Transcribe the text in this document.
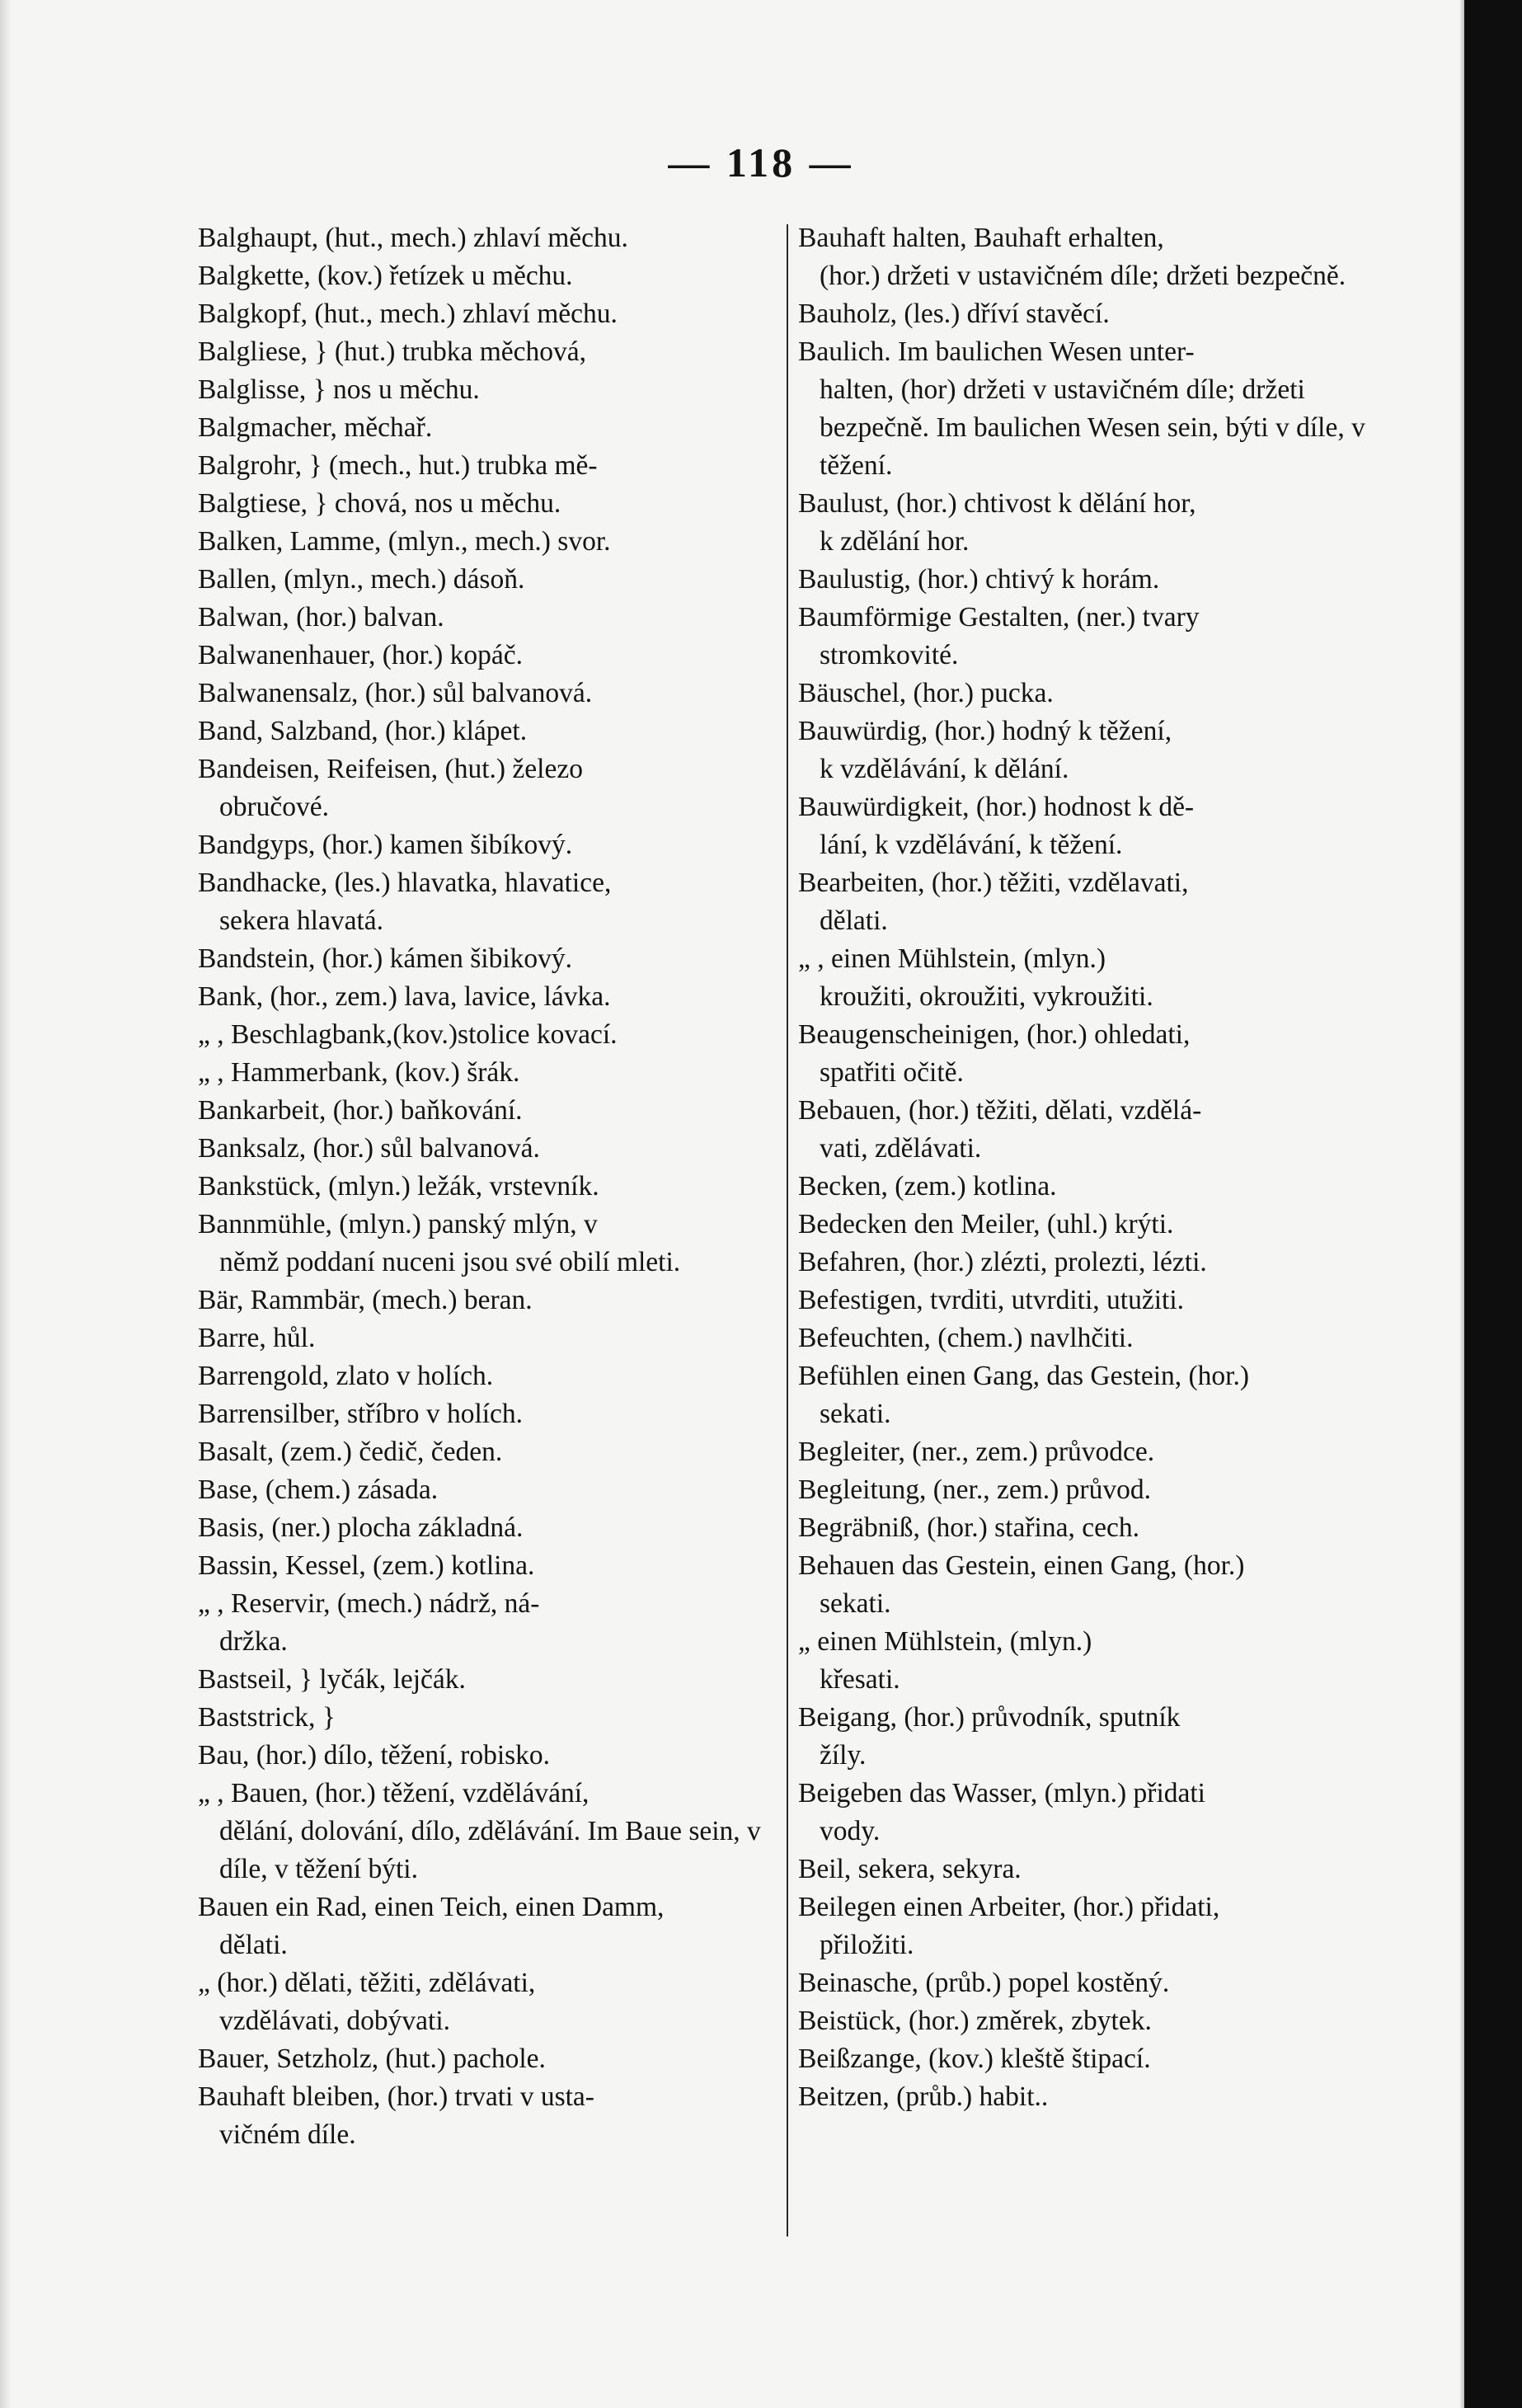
— 118 —
Balghaupt, (hut., mech.) zhlaví měchu.
Balgkette, (kov.) řetízek u měchu.
Balgkopf, (hut., mech.) zhlaví měchu.
Balgliese, } (hut.) trubka měchová,
Balglisse, } nos u měchu.
Balgmacher, měchař.
Balgrohr, } (mech., hut.) trubka mě-
Balgtiese, } chová, nos u měchu.
Balken, Lamme, (mlyn., mech.) svor.
Ballen, (mlyn., mech.) dásoň.
Balwan, (hor.) balvan.
Balwanenhauer, (hor.) kopáč.
Balwanensalz, (hor.) sůl balvanová.
Band, Salzband, (hor.) klápet.
Bandeisen, Reifeisen, (hut.) železo
obručové.
Bandgyps, (hor.) kamen šibíkový.
Bandhacke, (les.) hlavatka, hlavatice,
sekera hlavatá.
Bandstein, (hor.) kámen šibikový.
Bank, (hor., zem.) lava, lavice, lávka.
„ , Beschlagbank,(kov.)stolice kovací.
„ , Hammerbank, (kov.) šrák.
Bankarbeit, (hor.) baňkování.
Banksalz, (hor.) sůl balvanová.
Bankstück, (mlyn.) ležák, vrstevník.
Bannmühle, (mlyn.) panský mlýn, v
němž poddaní nuceni jsou své obilí mleti.
Bär, Rammbär, (mech.) beran.
Barre, hůl.
Barrengold, zlato v holích.
Barrensilber, stříbro v holích.
Basalt, (zem.) čedič, čeden.
Base, (chem.) zásada.
Basis, (ner.) plocha základná.
Bassin, Kessel, (zem.) kotlina.
„ , Reservir, (mech.) nádrž, ná-
držka.
Bastseil, } lyčák, lejčák.
Baststrick, }
Bau, (hor.) dílo, těžení, robisko.
„ , Bauen, (hor.) těžení, vzdělávání,
dělání, dolování, dílo, zdělávání. Im Baue sein, v díle, v těžení býti.
Bauen ein Rad, einen Teich, einen Damm,
dělati.
„ (hor.) dělati, těžiti, zdělávati,
vzdělávati, dobývati.
Bauer, Setzholz, (hut.) pachole.
Bauhaft bleiben, (hor.) trvati v usta-
vičném díle.
Bauhaft halten, Bauhaft erhalten,
(hor.) držeti v ustavičném díle; držeti bezpečně.
Bauholz, (les.) dříví stavěcí.
Baulich. Im baulichen Wesen unter-
halten, (hor) držeti v ustavičném díle; držeti bezpečně. Im baulichen Wesen sein, býti v díle, v těžení.
Baulust, (hor.) chtivost k dělání hor,
k zdělání hor.
Baulustig, (hor.) chtivý k horám.
Baumförmige Gestalten, (ner.) tvary
stromkovité.
Bäuschel, (hor.) pucka.
Bauwürdig, (hor.) hodný k těžení,
k vzdělávání, k dělání.
Bauwürdigkeit, (hor.) hodnost k dě-
lání, k vzdělávání, k těžení.
Bearbeiten, (hor.) těžiti, vzdělavati,
dělati.
„ , einen Mühlstein, (mlyn.)
kroužiti, okroužiti, vykroužiti.
Beaugenscheinigen, (hor.) ohledati,
spatřiti očitě.
Bebauen, (hor.) těžiti, dělati, vzdělá-
vati, zdělávati.
Becken, (zem.) kotlina.
Bedecken den Meiler, (uhl.) krýti.
Befahren, (hor.) zlézti, prolezti, lézti.
Befestigen, tvrditi, utvrditi, utužiti.
Befeuchten, (chem.) navlhčiti.
Befühlen einen Gang, das Gestein, (hor.)
sekati.
Begleiter, (ner., zem.) průvodce.
Begleitung, (ner., zem.) průvod.
Begräbniß, (hor.) stařina, cech.
Behauen das Gestein, einen Gang, (hor.)
sekati.
„ einen Mühlstein, (mlyn.)
křesati.
Beigang, (hor.) průvodník, sputník
žíly.
Beigeben das Wasser, (mlyn.) přidati
vody.
Beil, sekera, sekyra.
Beilegen einen Arbeiter, (hor.) přidati,
přiložiti.
Beinasche, (průb.) popel kostěný.
Beistück, (hor.) změrek, zbytek.
Beißzange, (kov.) kleště štipací.
Beitzen, (průb.) habit..
